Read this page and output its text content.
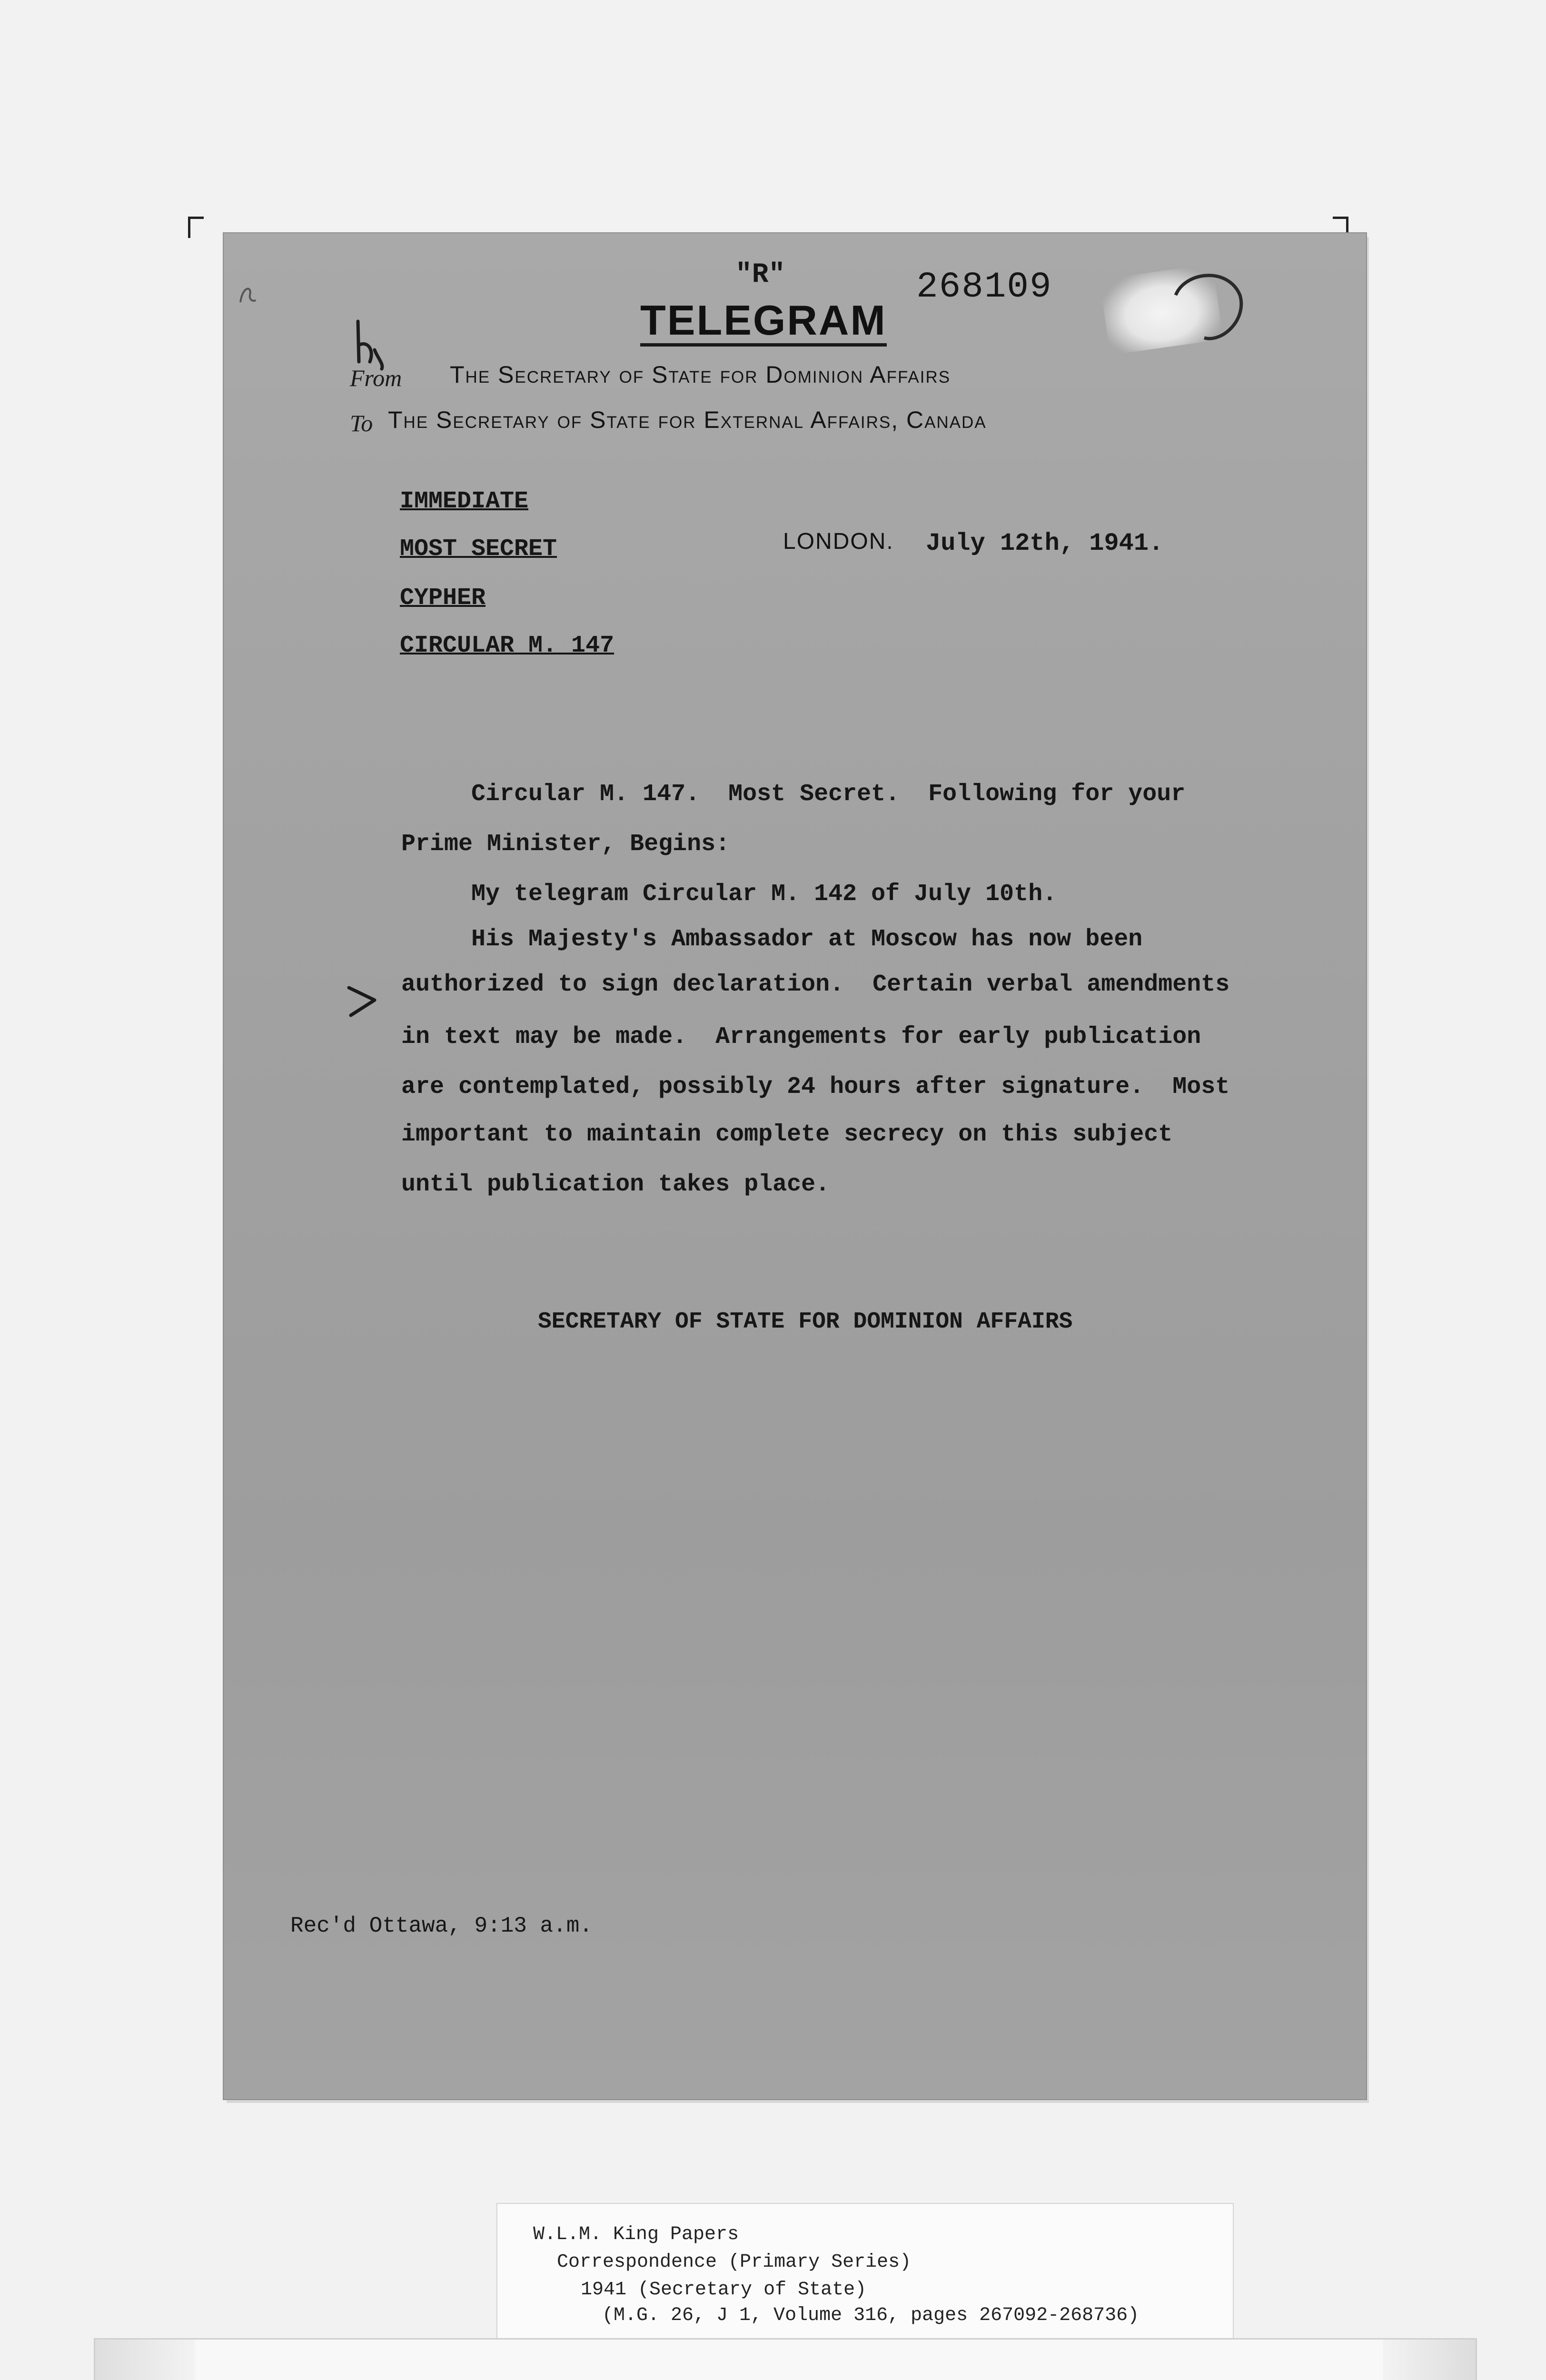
"R"	268109
TELEGRAM
From The Secretary of State for Dominion Affairs
To The Secretary of State for External Affairs, Canada
IMMEDIATE
MOST SECRET
CYPHER
CIRCULAR M. 147
LONDON. July 12th, 1941.
Circular M. 147.  Most Secret.  Following for your
Prime Minister, Begins:
My telegram Circular M. 142 of July 10th.
His Majesty's Ambassador at Moscow has now been
authorized to sign declaration.  Certain verbal amendments
in text may be made.  Arrangements for early publication
are contemplated, possibly 24 hours after signature.  Most
important to maintain complete secrecy on this subject
until publication takes place.
SECRETARY OF STATE FOR DOMINION AFFAIRS
Rec'd Ottawa, 9:13 a.m.
W.L.M. King Papers
Correspondence (Primary Series)
1941 (Secretary of State)
(M.G. 26, J 1, Volume 316, pages 267092-268736)
